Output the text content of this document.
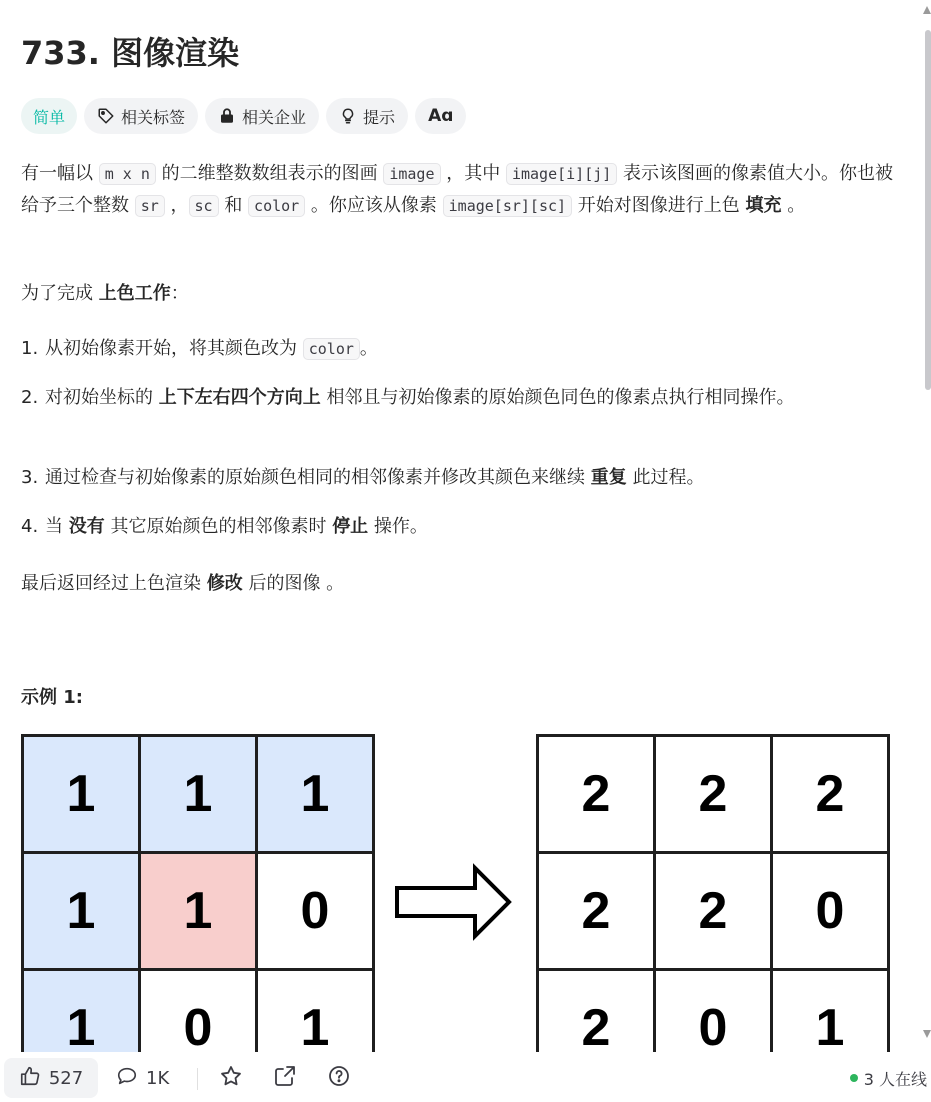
733. 图像渲染
简单	相关标签	相关企业	提示 Aɑ

有一幅以 m x n 的二维整数数组表示的图画 image ，其中 image[i][j] 表示该图画的像素值大小。你也被给予三个整数 sr ， sc 和 color 。你应该从像素 image[sr][sc] 开始对图像进行上色 填充 。

为了完成 上色工作：

1. 从初始像素开始，将其颜色改为 color 。
2. 对初始坐标的 上下左右四个方向上 相邻且与初始像素的原始颜色同色的像素点执行相同操作。
3. 通过检查与初始像素的原始颜色相同的相邻像素并修改其颜色来继续 重复 此过程。
4. 当 没有 其它原始颜色的相邻像素时 停止 操作。

最后返回经过上色渲染 修改 后的图像 。

示例 1:
1	1	1
1	1	0
1	0	1
2	2	2
2	2	0
2	0	1
527	1K	3 人在线
